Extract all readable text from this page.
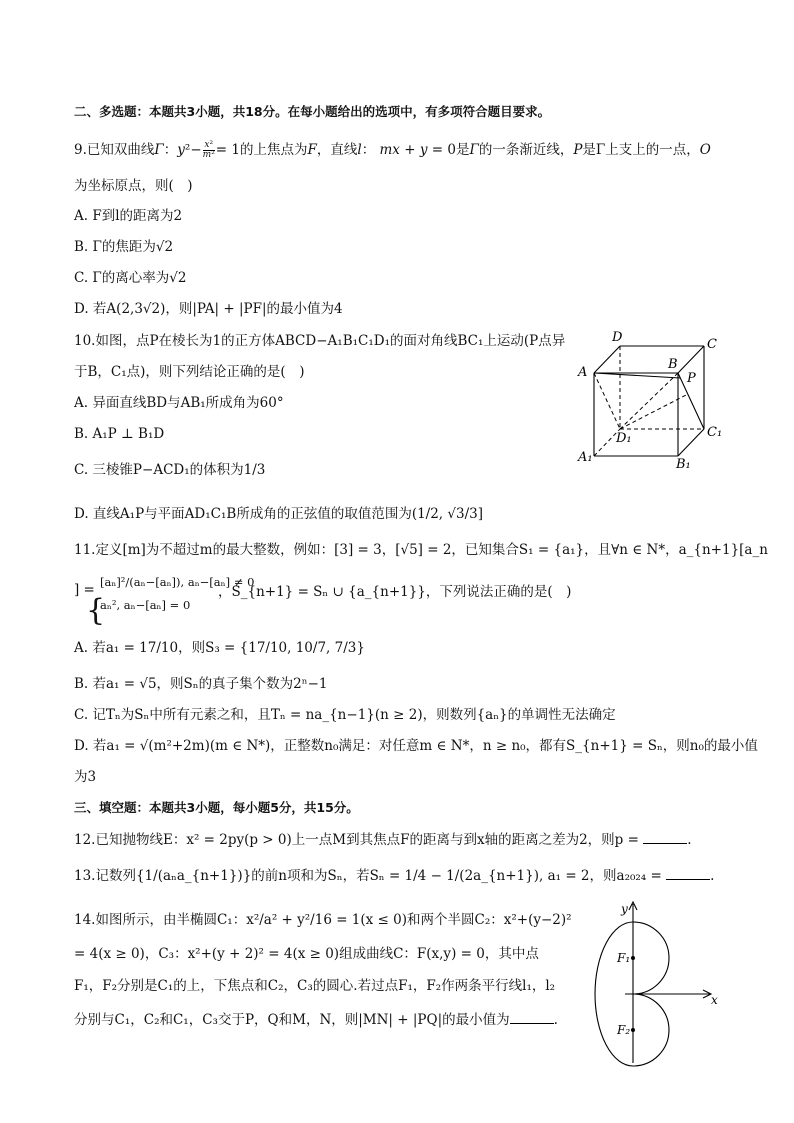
二、多选题：本题共3小题，共18分。在每小题给出的选项中，有多项符合题目要求。
9.已知双曲线Γ：$y^2- \frac{\text{x²}}{\text{m²}} = 1$的上焦点为F，直线l： mx + y = 0是Γ的一条渐近线，P是Γ上支上的一点，O
为坐标原点，则(　)
A. F到l的距离为2
B. Γ的焦距为√2
C. Γ的离心率为√2
D. 若A(2,3√2)，则|PA| + |PF|的最小值为4
10.如图，点P在棱长为1的正方体ABCD−A₁B₁C₁D₁的面对角线BC₁上运动(P点异
于B，C₁点)，则下列结论正确的是(　)
A. 异面直线BD与AB₁所成角为60°
B. A₁P ⊥ B₁D
C. 三棱锥P−ACD₁的体积为1/3
D. 直线A₁P与平面AD₁C₁B所成角的正弦值的取值范围为(1/2, √3/3]
D	C
A
B
P
D₁	C₁
A₁	B₁
11.定义[m]为不超过m的最大整数，例如：[3] = 3，[√5] = 2，已知集合S₁ = {a₁}，且∀n ∈ N*，a_{n+1}[a_n
] =
{
[aₙ]²/(aₙ−[aₙ]), aₙ−[aₙ] ≠ 0
aₙ², aₙ−[aₙ] = 0
，S_{n+1} = Sₙ ∪ {a_{n+1}}，下列说法正确的是(　)
A. 若a₁ = 17/10，则S₃ = {17/10, 10/7, 7/3}
B. 若a₁ = √5，则Sₙ的真子集个数为2ⁿ−1
C. 记Tₙ为Sₙ中所有元素之和，且Tₙ = na_{n−1}(n ≥ 2)，则数列{aₙ}的单调性无法确定
D. 若a₁ = √(m²+2m)(m ∈ N*)，正整数n₀满足：对任意m ∈ N*，n ≥ n₀，都有S_{n+1} = Sₙ，则n₀的最小值
为3
三、填空题：本题共3小题，每小题5分，共15分。
12.已知抛物线E：x² = 2py(p > 0)上一点M到其焦点F的距离与到x轴的距离之差为2，则p =	.
13.记数列{1/(aₙa_{n+1})}的前n项和为Sₙ，若Sₙ = 1/4 − 1/(2a_{n+1}), a₁ = 2，则a₂₀₂₄ =	.
14.如图所示，由半椭圆C₁：x²/a² + y²/16 = 1(x ≤ 0)和两个半圆C₂：x²+(y−2)²
= 4(x ≥ 0)，C₃：x²+(y + 2)² = 4(x ≥ 0)组成曲线C：F(x,y) = 0，其中点
F₁，F₂分别是C₁的上，下焦点和C₂，C₃的圆心.若过点F₁，F₂作两条平行线l₁，l₂
分别与C₁，C₂和C₁，C₃交于P，Q和M，N，则|MN| + |PQ|的最小值为	.
y
x
F₁
F₂
